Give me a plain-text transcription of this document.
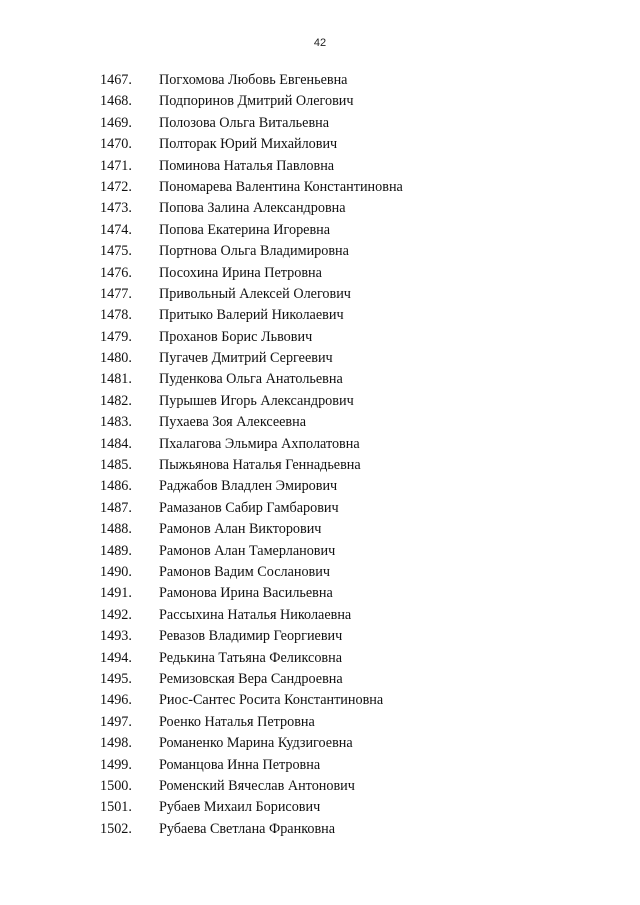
42
1467.	Погхомова Любовь Евгеньевна
1468.	Подпоринов Дмитрий Олегович
1469.	Полозова Ольга Витальевна
1470.	Полторак Юрий Михайлович
1471.	Поминова Наталья Павловна
1472.	Пономарева Валентина Константиновна
1473.	Попова Залина Александровна
1474.	Попова Екатерина Игоревна
1475.	Портнова Ольга Владимировна
1476.	Посохина Ирина Петровна
1477.	Привольный Алексей Олегович
1478.	Притыко Валерий Николаевич
1479.	Проханов Борис Львович
1480.	Пугачев Дмитрий Сергеевич
1481.	Пуденкова Ольга Анатольевна
1482.	Пурышев Игорь Александрович
1483.	Пухаева Зоя Алексеевна
1484.	Пхалагова Эльмира Ахполатовна
1485.	Пыжьянова Наталья Геннадьевна
1486.	Раджабов Владлен Эмирович
1487.	Рамазанов Сабир Гамбарович
1488.	Рамонов Алан Викторович
1489.	Рамонов Алан Тамерланович
1490.	Рамонов Вадим Сосланович
1491.	Рамонова Ирина Васильевна
1492.	Рассыхина Наталья Николаевна
1493.	Ревазов Владимир Георгиевич
1494.	Редькина Татьяна Феликсовна
1495.	Ремизовская Вера Сандроевна
1496.	Риос-Сантес Росита Константиновна
1497.	Роенко Наталья Петровна
1498.	Романенко Марина Кудзигоевна
1499.	Романцова Инна Петровна
1500.	Роменский Вячеслав Антонович
1501.	Рубаев Михаил Борисович
1502.	Рубаева Светлана Франковна
